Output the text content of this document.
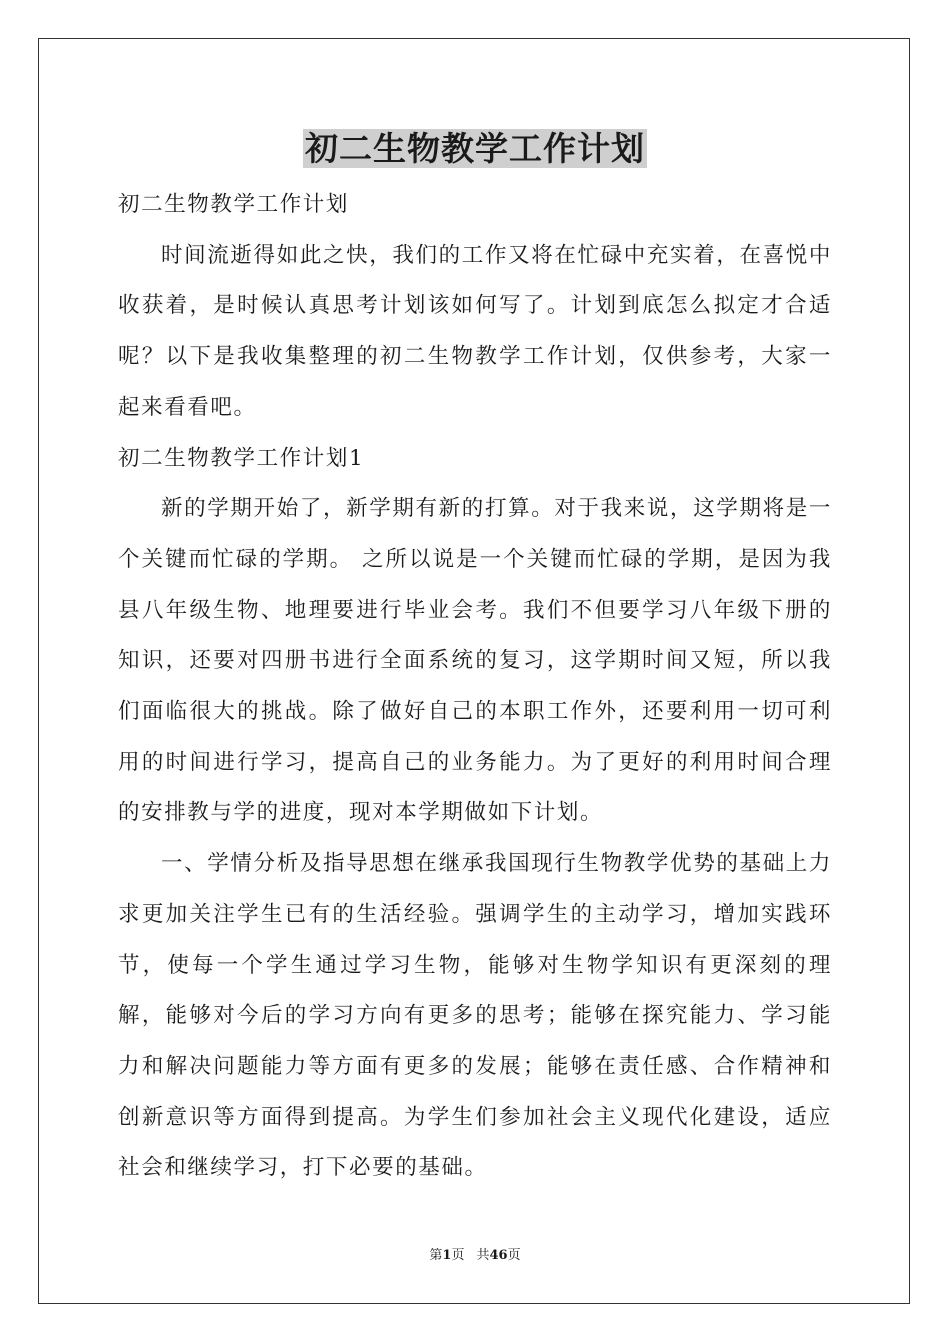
初二生物教学工作计划

初二生物教学工作计划

时间流逝得如此之快，我们的工作又将在忙碌中充实着，在喜悦中收获着，是时候认真思考计划该如何写了。计划到底怎么拟定才合适呢？以下是我收集整理的初二生物教学工作计划，仅供参考，大家一起来看看吧。

初二生物教学工作计划1

新的学期开始了，新学期有新的打算。对于我来说，这学期将是一个关键而忙碌的学期。 之所以说是一个关键而忙碌的学期，是因为我县八年级生物、地理要进行毕业会考。我们不但要学习八年级下册的知识，还要对四册书进行全面系统的复习，这学期时间又短，所以我们面临很大的挑战。除了做好自己的本职工作外，还要利用一切可利用的时间进行学习，提高自己的业务能力。为了更好的利用时间合理的安排教与学的进度，现对本学期做如下计划。

一、学情分析及指导思想在继承我国现行生物教学优势的基础上力求更加关注学生已有的生活经验。强调学生的主动学习，增加实践环节，使每一个学生通过学习生物，能够对生物学知识有更深刻的理解，能够对今后的学习方向有更多的思考；能够在探究能力、学习能力和解决问题能力等方面有更多的发展；能够在责任感、合作精神和创新意识等方面得到提高。为学生们参加社会主义现代化建设，适应社会和继续学习，打下必要的基础。

第1页 共46页
